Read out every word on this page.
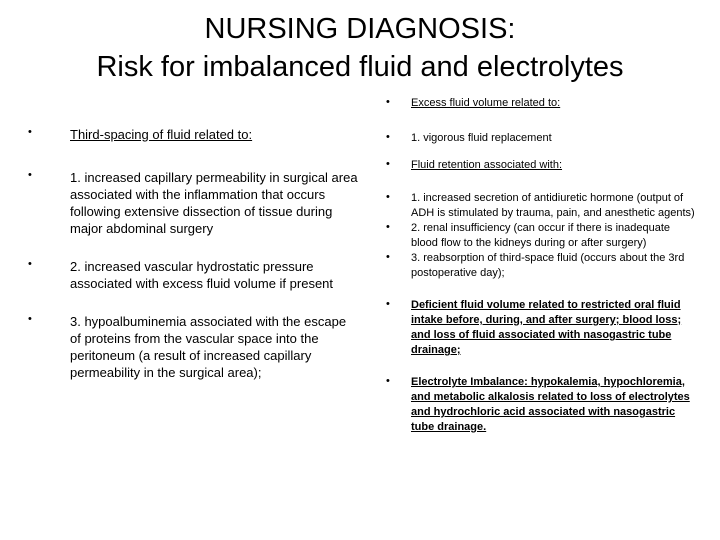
NURSING DIAGNOSIS:
Risk for imbalanced fluid and electrolytes
•	Third-spacing of fluid related to:
•	1. increased capillary permeability in surgical area associated with the inflammation that occurs following extensive dissection of tissue during major abdominal surgery
•	2. increased vascular hydrostatic pressure associated with excess fluid volume if present
•	3. hypoalbuminemia associated with the escape of proteins from the vascular space into the peritoneum (a result of increased capillary permeability in the surgical area);
• Excess fluid volume related to:
• 1. vigorous fluid replacement
• Fluid retention associated with:
• 1. increased secretion of antidiuretic hormone (output of ADH is stimulated by trauma, pain, and anesthetic agents)
• 2. renal insufficiency (can occur if there is inadequate blood flow to the kidneys during or after surgery)
• 3. reabsorption of third-space fluid (occurs about the 3rd postoperative day);
• Deficient fluid volume related to restricted oral fluid intake before, during, and after surgery; blood loss; and loss of fluid associated with nasogastric tube drainage;
• Electrolyte Imbalance: hypokalemia, hypochloremia, and metabolic alkalosis related to loss of electrolytes and hydrochloric acid associated with nasogastric tube drainage.
